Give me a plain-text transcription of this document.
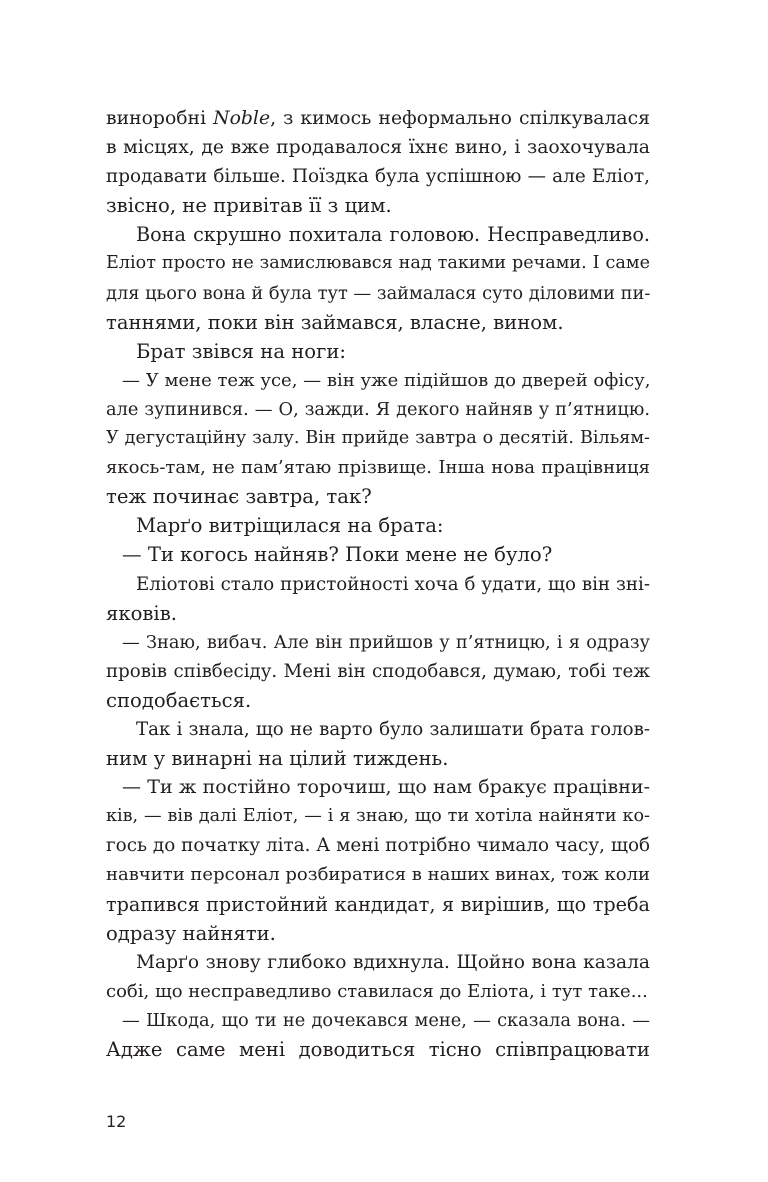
виноробні Noble, з кимось неформально спілкувалася
в місцях, де вже продавалося їхнє вино, і заохочувала
продавати більше. Поїздка була успішною — але Еліот,
звісно, не привітав її з цим.
Вона скрушно похитала головою. Несправедливо.
Еліот просто не замислювався над такими речами. І саме
для цього вона й була тут — займалася суто діловими пи-
таннями, поки він займався, власне, вином.
Брат звівся на ноги:
— У мене теж усе, — він уже підійшов до дверей офісу,
але зупинився. — О, зажди. Я декого найняв у п’ятницю.
У дегустаційну залу. Він прийде завтра о десятій. Вільям-
якось-там, не пам’ятаю прізвище. Інша нова працівниця
теж починає завтра, так?
Марґо витріщилася на брата:
— Ти когось найняв? Поки мене не було?
Еліотові стало пристойності хоча б удати, що він зні-
яковів.
— Знаю, вибач. Але він прийшов у п’ятницю, і я одразу
провів співбесіду. Мені він сподобався, думаю, тобі теж
сподобається.
Так і знала, що не варто було залишати брата голов-
ним у винарні на цілий тиждень.
— Ти ж постійно торочиш, що нам бракує працівни-
ків, — вів далі Еліот, — і я знаю, що ти хотіла найняти ко-
гось до початку літа. А мені потрібно чимало часу, щоб
навчити персонал розбиратися в наших винах, тож коли
трапився пристойний кандидат, я вирішив, що треба
одразу найняти.
Марґо знову глибоко вдихнула. Щойно вона казала
собі, що несправедливо ставилася до Еліота, і тут таке...
— Шкода, що ти не дочекався мене, — сказала вона. —
Адже саме мені доводиться тісно співпрацювати
12
